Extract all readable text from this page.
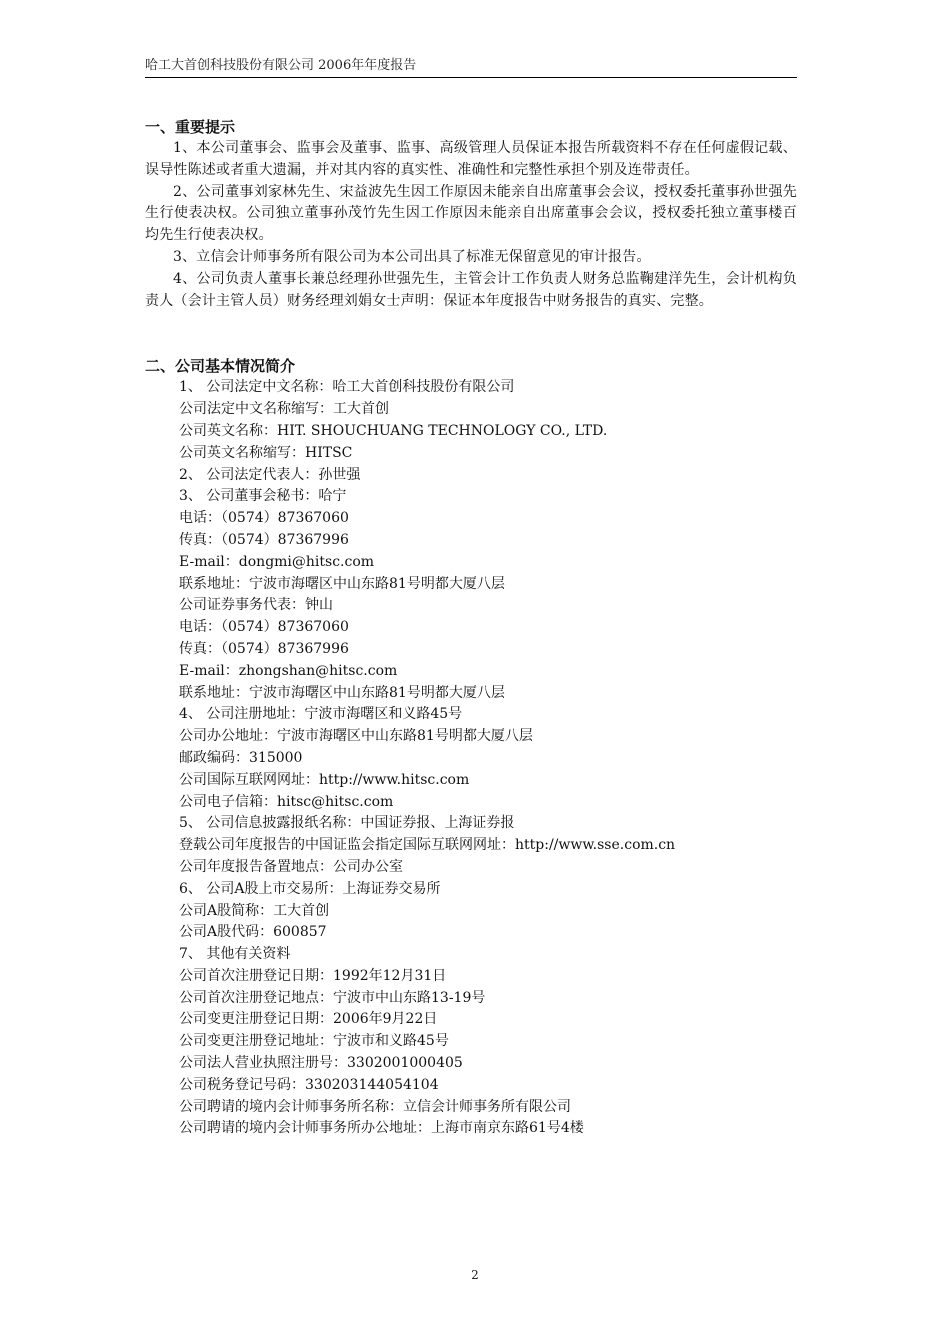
哈工大首创科技股份有限公司 2006年年度报告
一、重要提示

1、本公司董事会、监事会及董事、监事、高级管理人员保证本报告所载资料不存在任何虚假记载、误导性陈述或者重大遗漏，并对其内容的真实性、准确性和完整性承担个别及连带责任。

2、公司董事刘家林先生、宋益波先生因工作原因未能亲自出席董事会会议，授权委托董事孙世强先生行使表决权。公司独立董事孙茂竹先生因工作原因未能亲自出席董事会会议，授权委托独立董事楼百均先生行使表决权。

3、立信会计师事务所有限公司为本公司出具了标准无保留意见的审计报告。

4、公司负责人董事长兼总经理孙世强先生，主管会计工作负责人财务总监鞠建洋先生，会计机构负责人（会计主管人员）财务经理刘娟女士声明：保证本年度报告中财务报告的真实、完整。

二、公司基本情况简介

1、 公司法定中文名称：哈工大首创科技股份有限公司

公司法定中文名称缩写：工大首创

公司英文名称：HIT. SHOUCHUANG TECHNOLOGY CO., LTD.

公司英文名称缩写：HITSC

2、 公司法定代表人：孙世强

3、 公司董事会秘书：哈宁

电话：（0574）87367060

传真：（0574）87367996

E-mail：dongmi@hitsc.com

联系地址：宁波市海曙区中山东路81号明都大厦八层

公司证券事务代表：钟山

电话：（0574）87367060

传真：（0574）87367996

E-mail：zhongshan@hitsc.com

联系地址：宁波市海曙区中山东路81号明都大厦八层

4、 公司注册地址：宁波市海曙区和义路45号

公司办公地址：宁波市海曙区中山东路81号明都大厦八层

邮政编码：315000

公司国际互联网网址：http://www.hitsc.com

公司电子信箱：hitsc@hitsc.com

5、 公司信息披露报纸名称：中国证券报、上海证券报

登载公司年度报告的中国证监会指定国际互联网网址：http://www.sse.com.cn

公司年度报告备置地点：公司办公室

6、 公司A股上市交易所：上海证券交易所

公司A股简称：工大首创

公司A股代码：600857

7、 其他有关资料

公司首次注册登记日期：1992年12月31日

公司首次注册登记地点：宁波市中山东路13-19号

公司变更注册登记日期：2006年9月22日

公司变更注册登记地址：宁波市和义路45号

公司法人营业执照注册号：3302001000405

公司税务登记号码：330203144054104

公司聘请的境内会计师事务所名称：立信会计师事务所有限公司

公司聘请的境内会计师事务所办公地址：上海市南京东路61号4楼

2
